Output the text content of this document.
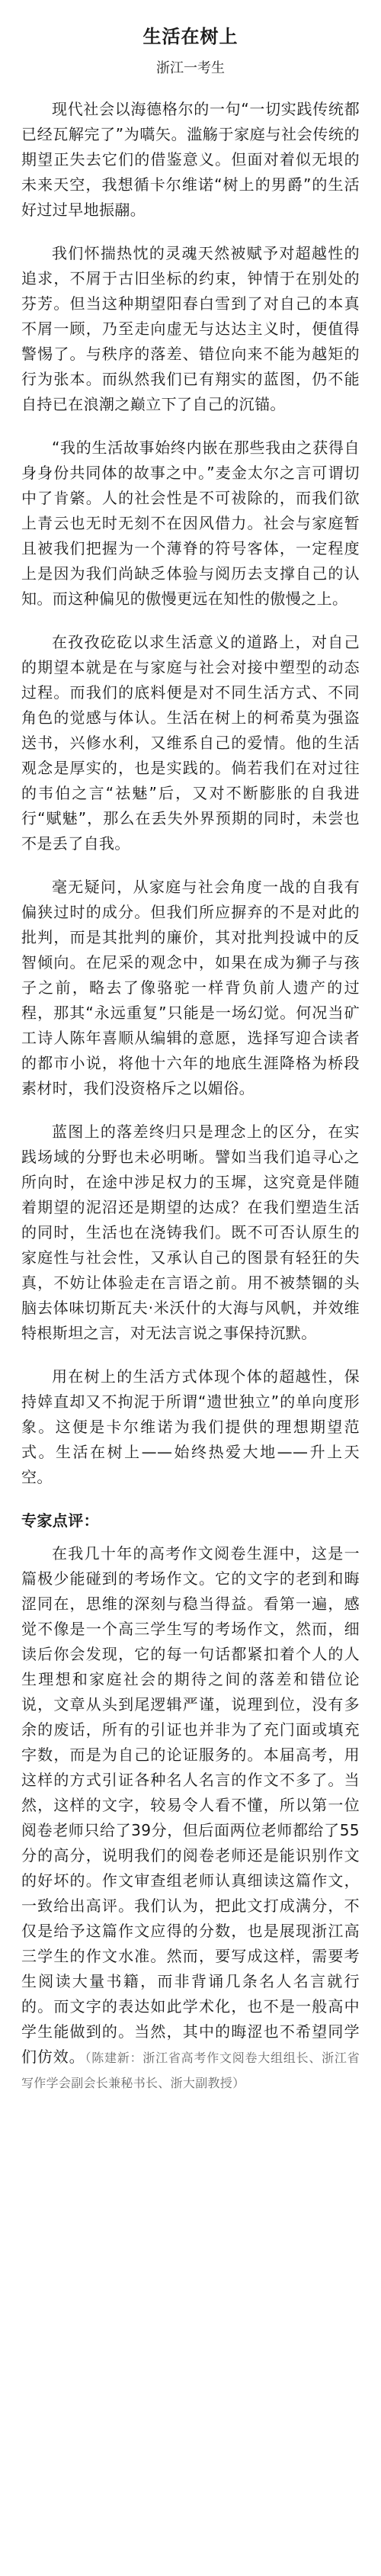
生活在树上
浙江一考生

现代社会以海德格尔的一句“一切实践传统都已经瓦解完了”为嚆矢。滥觞于家庭与社会传统的期望正失去它们的借鉴意义。但面对着似无垠的未来天空，我想循卡尔维诺“树上的男爵”的生活好过过早地振翮。

我们怀揣热忱的灵魂天然被赋予对超越性的追求，不屑于古旧坐标的约束，钟情于在别处的芬芳。但当这种期望阳春白雪到了对自己的本真不屑一顾，乃至走向虚无与达达主义时，便值得警惕了。与秩序的落差、错位向来不能为越矩的行为张本。而纵然我们已有翔实的蓝图，仍不能自持已在浪潮之巅立下了自己的沉锚。

“我的生活故事始终内嵌在那些我由之获得自身身份共同体的故事之中。”麦金太尔之言可谓切中了肯綮。人的社会性是不可祓除的，而我们欲上青云也无时无刻不在因风借力。社会与家庭暂且被我们把握为一个薄脊的符号客体，一定程度上是因为我们尚缺乏体验与阅历去支撑自己的认知。而这种偏见的傲慢更远在知性的傲慢之上。

在孜孜矻矻以求生活意义的道路上，对自己的期望本就是在与家庭与社会对接中塑型的动态过程。而我们的底料便是对不同生活方式、不同角色的觉感与体认。生活在树上的柯希莫为强盗送书，兴修水利，又维系自己的爱情。他的生活观念是厚实的，也是实践的。倘若我们在对过往的韦伯之言“祛魅”后，又对不断膨胀的自我进行“赋魅”，那么在丢失外界预期的同时，未尝也不是丢了自我。

毫无疑问，从家庭与社会角度一战的自我有偏狭过时的成分。但我们所应摒弃的不是对此的批判，而是其批判的廉价，其对批判投诚中的反智倾向。在尼采的观念中，如果在成为狮子与孩子之前，略去了像骆驼一样背负前人遗产的过程，那其“永远重复”只能是一场幻觉。何况当矿工诗人陈年喜顺从编辑的意愿，选择写迎合读者的都市小说，将他十六年的地底生涯降格为桥段素材时，我们没资格斥之以媚俗。

蓝图上的落差终归只是理念上的区分，在实践场域的分野也未必明晰。譬如当我们追寻心之所向时，在途中涉足权力的玉墀，这究竟是伴随着期望的泥沼还是期望的达成？在我们塑造生活的同时，生活也在浇铸我们。既不可否认原生的家庭性与社会性，又承认自己的图景有轻狂的失真，不妨让体验走在言语之前。用不被禁锢的头脑去体味切斯瓦夫·米沃什的大海与风帆，并效维特根斯坦之言，对无法言说之事保持沉默。

用在树上的生活方式体现个体的超越性，保持婞直却又不拘泥于所谓“遗世独立”的单向度形象。这便是卡尔维诺为我们提供的理想期望范式。生活在树上——始终热爱大地——升上天空。

专家点评：

在我几十年的高考作文阅卷生涯中，这是一篇极少能碰到的考场作文。它的文字的老到和晦涩同在，思维的深刻与稳当得益。看第一遍，感觉不像是一个高三学生写的考场作文，然而，细读后你会发现，它的每一句话都紧扣着个人的人生理想和家庭社会的期待之间的落差和错位论说，文章从头到尾逻辑严谨，说理到位，没有多余的废话，所有的引证也并非为了充门面或填充字数，而是为自己的论证服务的。本届高考，用这样的方式引证各种名人名言的作文不多了。当然，这样的文字，较易令人看不懂，所以第一位阅卷老师只给了39分，但后面两位老师都给了55分的高分，说明我们的阅卷老师还是能识别作文的好坏的。作文审查组老师认真细读这篇作文，一致给出高评。我们认为，把此文打成满分，不仅是给予这篇作文应得的分数，也是展现浙江高三学生的作文水准。然而，要写成这样，需要考生阅读大量书籍，而非背诵几条名人名言就行的。而文字的表达如此学术化，也不是一般高中学生能做到的。当然，其中的晦涩也不希望同学们仿效。（陈建新：浙江省高考作文阅卷大组组长、浙江省写作学会副会长兼秘书长、浙大副教授）
